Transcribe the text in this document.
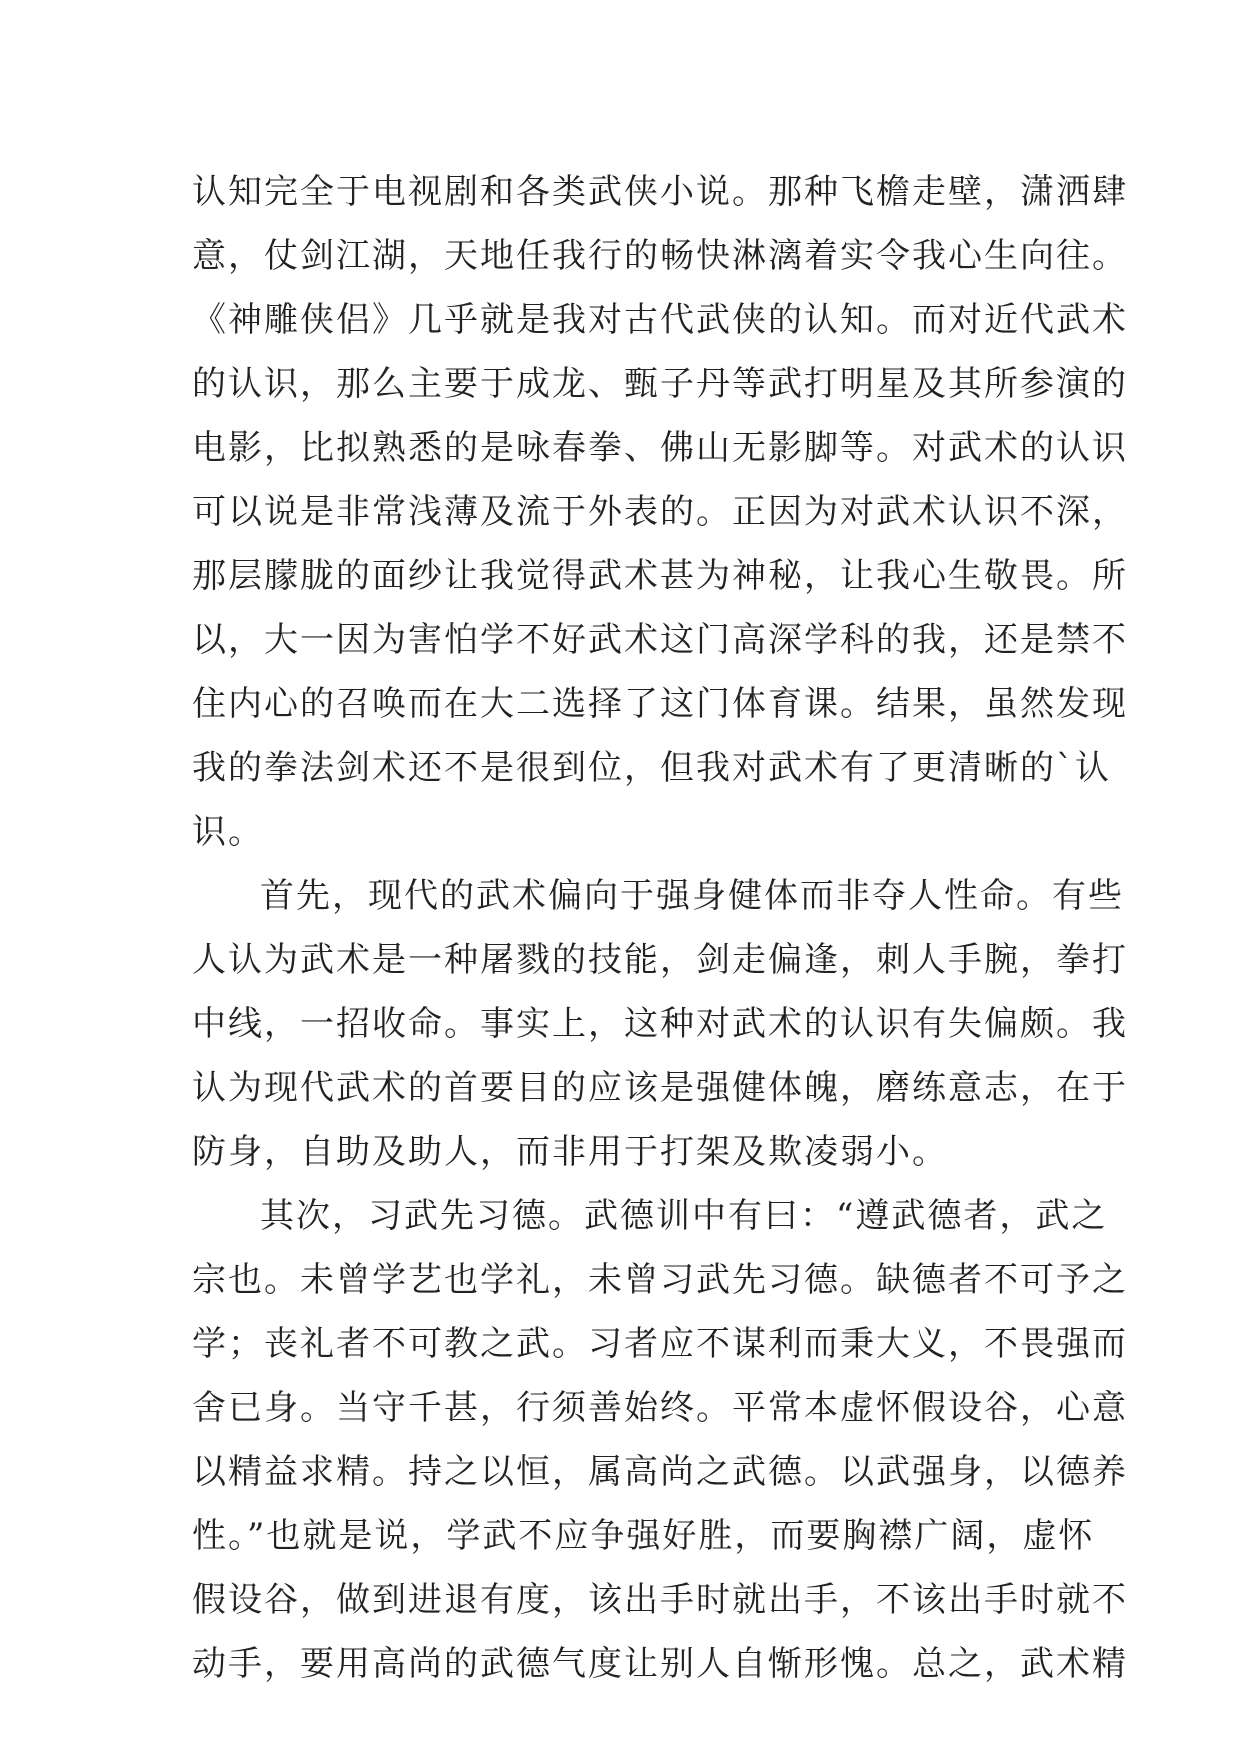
认知完全于电视剧和各类武侠小说。那种飞檐走壁，潇洒肆
意，仗剑江湖，天地任我行的畅快淋漓着实令我心生向往。
《神雕侠侣》几乎就是我对古代武侠的认知。而对近代武术
的认识，那么主要于成龙、甄子丹等武打明星及其所参演的
电影，比拟熟悉的是咏春拳、佛山无影脚等。对武术的认识
可以说是非常浅薄及流于外表的。正因为对武术认识不深，
那层朦胧的面纱让我觉得武术甚为神秘，让我心生敬畏。所
以，大一因为害怕学不好武术这门高深学科的我，还是禁不
住内心的召唤而在大二选择了这门体育课。结果，虽然发现
我的拳法剑术还不是很到位，但我对武术有了更清晰的`认
识。
首先，现代的武术偏向于强身健体而非夺人性命。有些
人认为武术是一种屠戮的技能，剑走偏逢，刺人手腕，拳打
中线，一招收命。事实上，这种对武术的认识有失偏颇。我
认为现代武术的首要目的应该是强健体魄，磨练意志，在于
防身，自助及助人，而非用于打架及欺凌弱小。
其次，习武先习德。武德训中有曰：“遵武德者，武之
宗也。未曾学艺也学礼，未曾习武先习德。缺德者不可予之
学；丧礼者不可教之武。习者应不谋利而秉大义，不畏强而
舍已身。当守千甚，行须善始终。平常本虚怀假设谷，心意
以精益求精。持之以恒，属高尚之武德。以武强身，以德养
性。”也就是说，学武不应争强好胜，而要胸襟广阔，虚怀
假设谷，做到进退有度，该出手时就出手，不该出手时就不
动手，要用高尚的武德气度让别人自惭形愧。总之，武术精
